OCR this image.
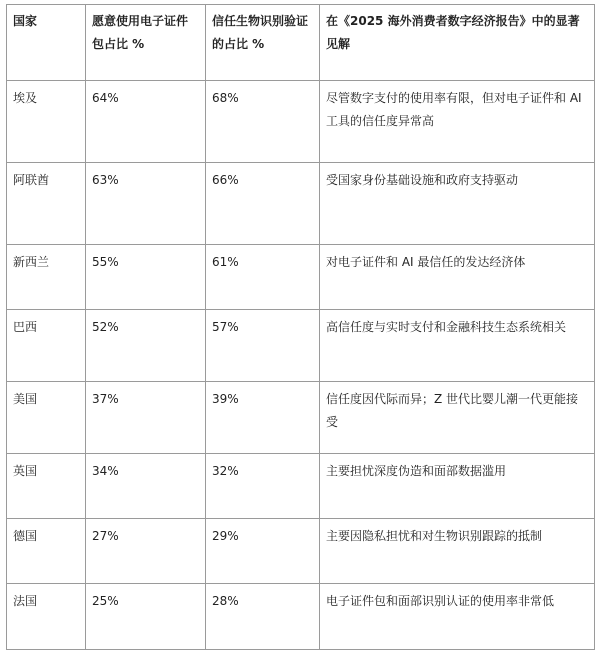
国家	愿意使用电子证件包占比 %	信任生物识别验证的占比 %	在《2025 海外消费者数字经济报告》中的显著见解
埃及	64%	68%	尽管数字支付的使用率有限，但对电子证件和 AI 工具的信任度异常高
阿联酋	63%	66%	受国家身份基础设施和政府支持驱动
新西兰	55%	61%	对电子证件和 AI 最信任的发达经济体
巴西	52%	57%	高信任度与实时支付和金融科技生态系统相关
美国	37%	39%	信任度因代际而异；Z 世代比婴儿潮一代更能接受
英国	34%	32%	主要担忧深度伪造和面部数据滥用
德国	27%	29%	主要因隐私担忧和对生物识别跟踪的抵制
法国	25%	28%	电子证件包和面部识别认证的使用率非常低
